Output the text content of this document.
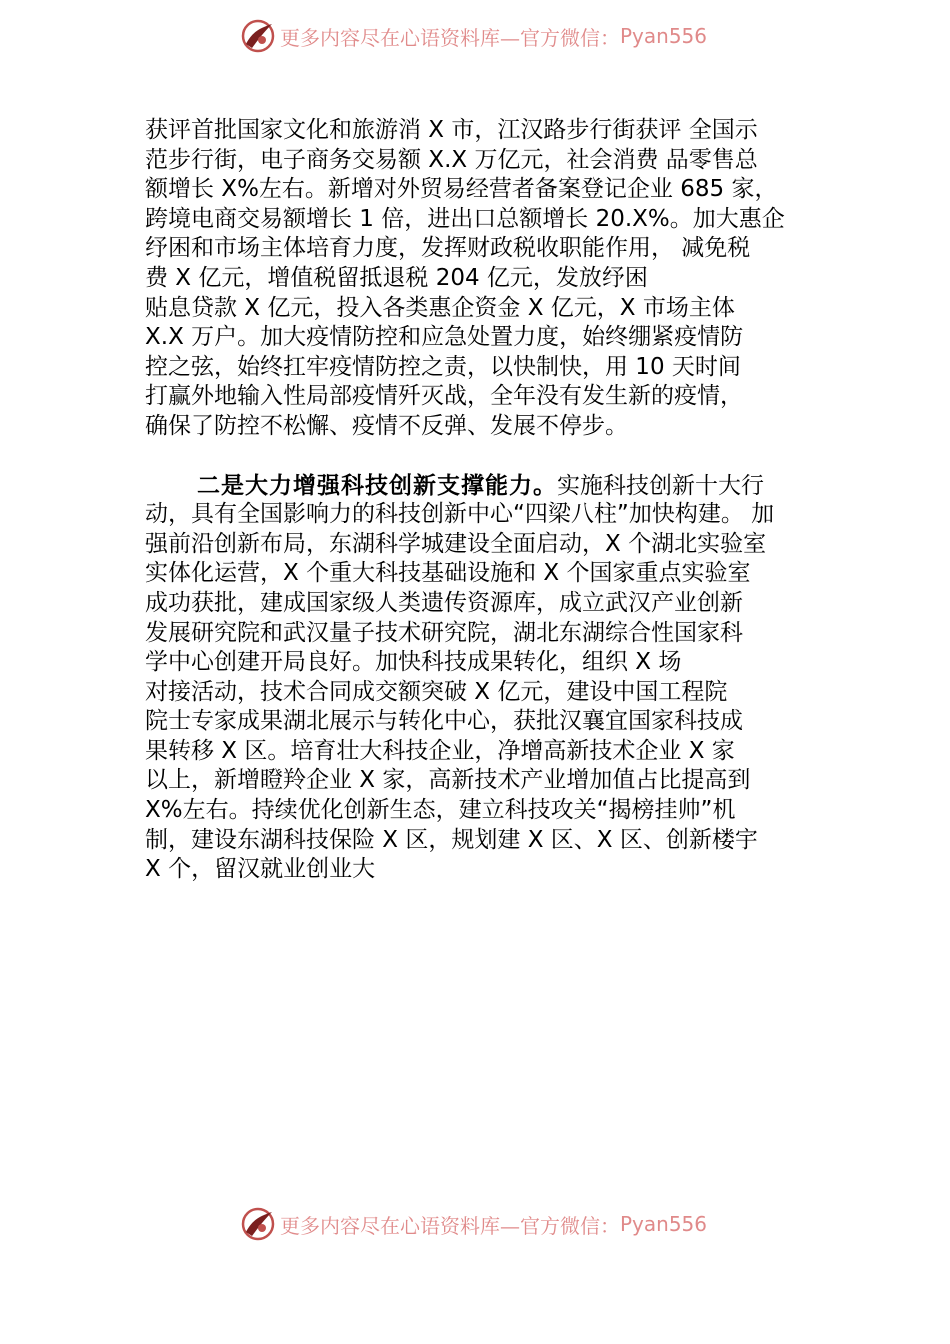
更多内容尽在心语资料库—官方微信： Pyan556
获评首批国家文化和旅游消 X 市，江汉路步行街获评 全国示
范步行街，电子商务交易额 X.X 万亿元，社会消费 品零售总
额增长 X%左右。新增对外贸易经营者备案登记企业 685 家，
跨境电商交易额增长 1 倍，进出口总额增长 20.X%。加大惠企
纾困和市场主体培育力度，发挥财政税收职能作用， 减免税
费 X 亿元，增值税留抵退税 204 亿元，发放纾困
贴息贷款 X 亿元，投入各类惠企资金 X 亿元，X 市场主体
X.X 万户。加大疫情防控和应急处置力度，始终绷紧疫情防
控之弦，始终扛牢疫情防控之责，以快制快，用 10 天时间
打赢外地输入性局部疫情歼灭战，全年没有发生新的疫情，
确保了防控不松懈、疫情不反弹、发展不停步。
二是大力增强科技创新支撑能力。实施科技创新十大行
动，具有全国影响力的科技创新中心“四梁八柱”加快构建。 加
强前沿创新布局，东湖科学城建设全面启动，X 个湖北实验室
实体化运营，X 个重大科技基础设施和 X 个国家重点实验室
成功获批，建成国家级人类遗传资源库，成立武汉产业创新
发展研究院和武汉量子技术研究院，湖北东湖综合性国家科
学中心创建开局良好。加快科技成果转化，组织 X 场
对接活动，技术合同成交额突破 X 亿元，建设中国工程院
院士专家成果湖北展示与转化中心，获批汉襄宜国家科技成
果转移 X 区。培育壮大科技企业，净增高新技术企业 X 家
以上，新增瞪羚企业 X 家，高新技术产业增加值占比提高到
X%左右。持续优化创新生态，建立科技攻关“揭榜挂帅”机
制，建设东湖科技保险 X 区，规划建 X 区、X 区、创新楼宇
X 个，留汉就业创业大
更多内容尽在心语资料库—官方微信： Pyan556
